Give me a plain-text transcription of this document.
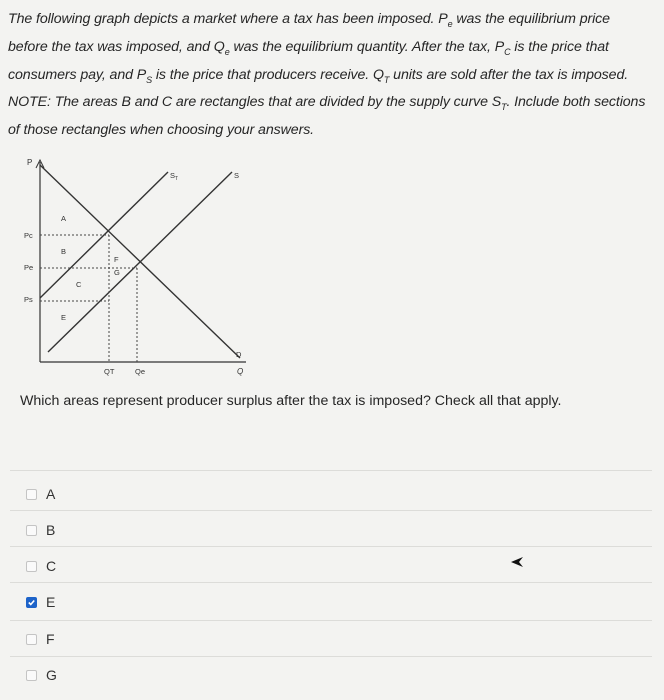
The following graph depicts a market where a tax has been imposed. $P_e$ was the equilibrium price
before the tax was imposed, and $Q_e$ was the equilibrium quantity. After the tax, $P_C$ is the price that
consumers pay, and $P_S$ is the price that producers receive. $Q_T$ units are sold after the tax is imposed.
NOTE: The areas B and C are rectangles that are divided by the supply curve $S_T$. Include both sections
of those rectangles when choosing your answers.
P
Q
Pc
Pe
Ps
QT	Qe
$S_T$	S
D
A
B
C
E
F
G
Which areas represent producer surplus after the tax is imposed? Check all that apply.
A
B
C
E
F
G
